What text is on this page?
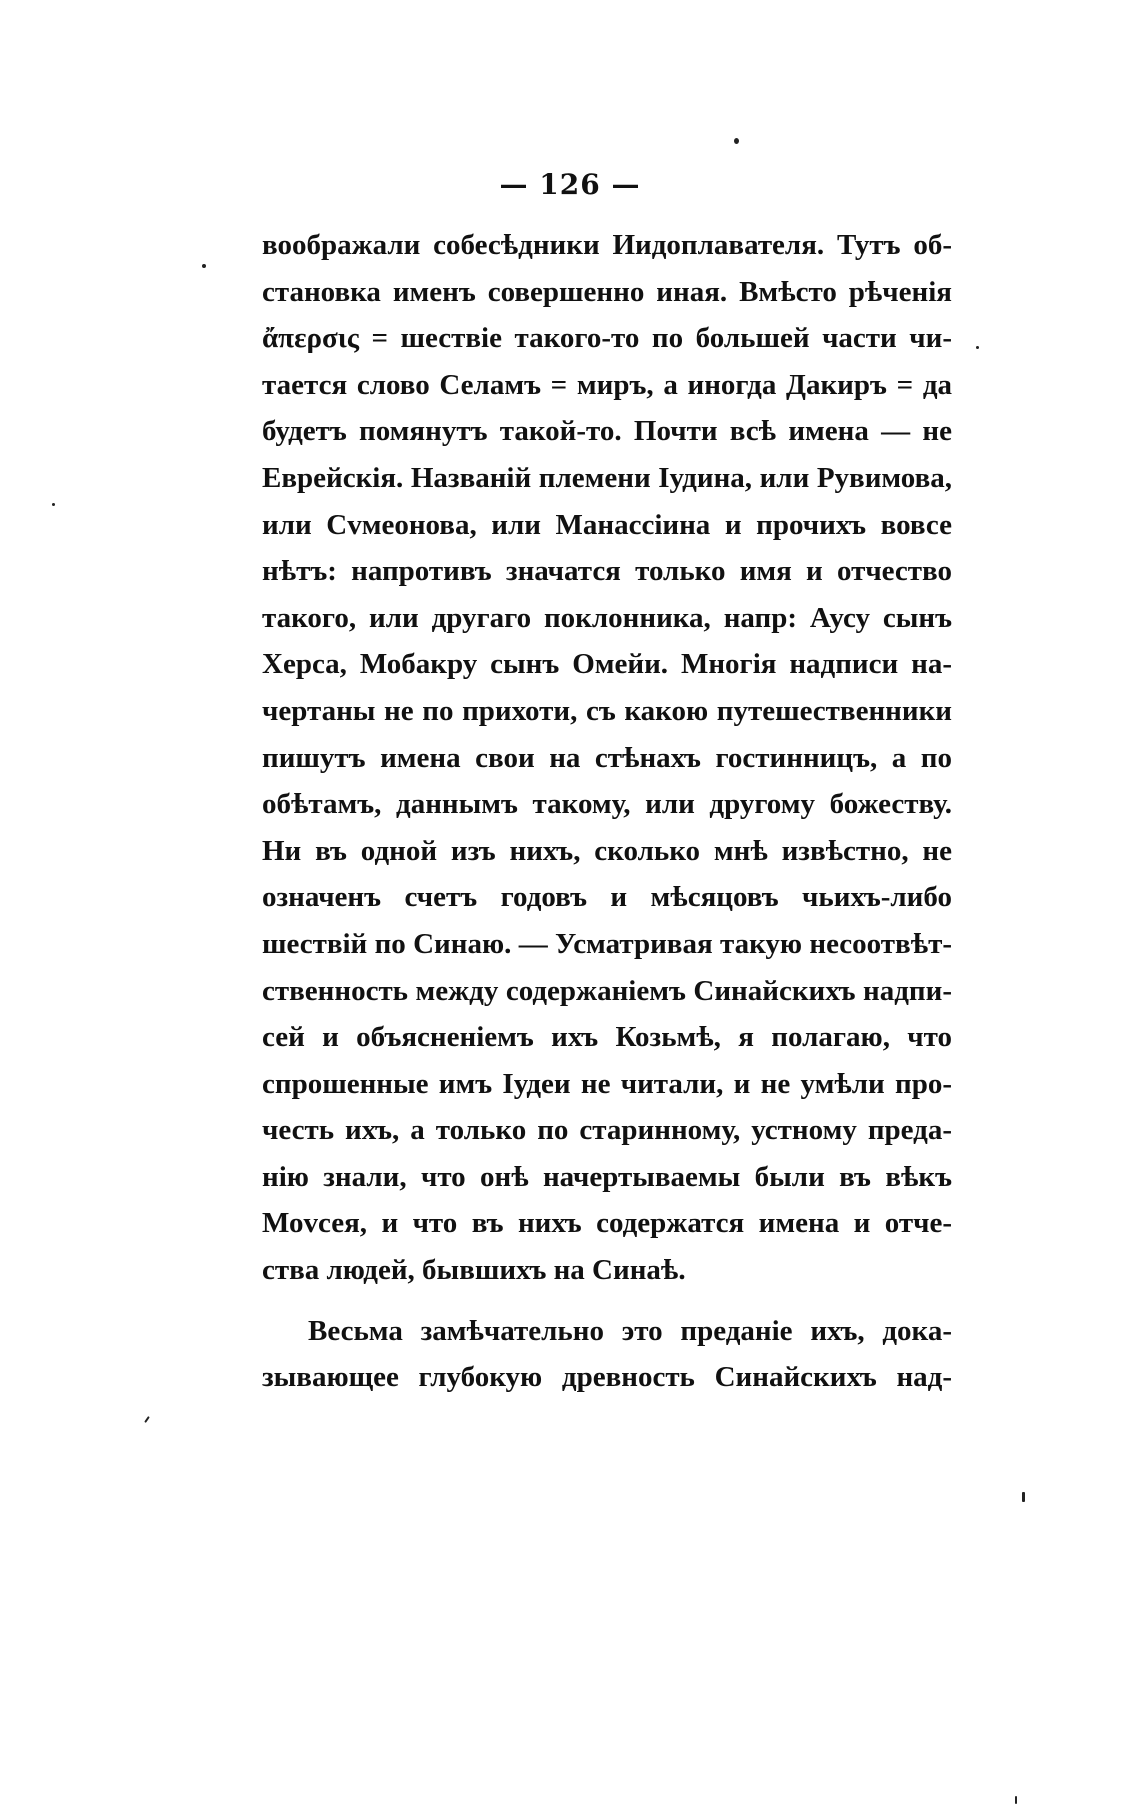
— 126 —
воображали собесѣдники Иидоплавателя. Тутъ об-
становка именъ совершенно иная. Вмѣсто рѣченія
ἄπερσις = шествіе такого-то по большей части чи-
тается слово Селамъ = миръ, а иногда Дакиръ = да
будетъ помянутъ такой-то. Почти всѣ имена — не
Еврейскія. Названій племени Іудина, или Рувимова,
или Сvмеонова, или Манассіина и прочихъ вовсе
нѣтъ: напротивъ значатся только имя и отчество
такого, или другаго поклонника, напр: Аусу сынъ
Херса, Мобакру сынъ Омейи. Многія надписи на-
чертаны не по прихоти, съ какою путешественники
пишутъ имена свои на стѣнахъ гостинницъ, а по
обѣтамъ, даннымъ такому, или другому божеству.
Ни въ одной изъ нихъ, сколько мнѣ извѣстно, не
означенъ счетъ годовъ и мѣсяцовъ чьихъ-либо
шествій по Синаю. — Усматривая такую несоотвѣт-
ственность между содержаніемъ Синайскихъ надпи-
сей и объясненіемъ ихъ Козьмѣ, я полагаю, что
спрошенные имъ Іудеи не читали, и не умѣли про-
честь ихъ, а только по старинному, устному преда-
нію знали, что онѣ начертываемы были въ вѣкъ
Моvсея, и что въ нихъ содержатся имена и отче-
ства людей, бывшихъ на Синаѣ.
Весьма замѣчательно это преданіе ихъ, дока-
зывающее глубокую древность Синайскихъ над-
